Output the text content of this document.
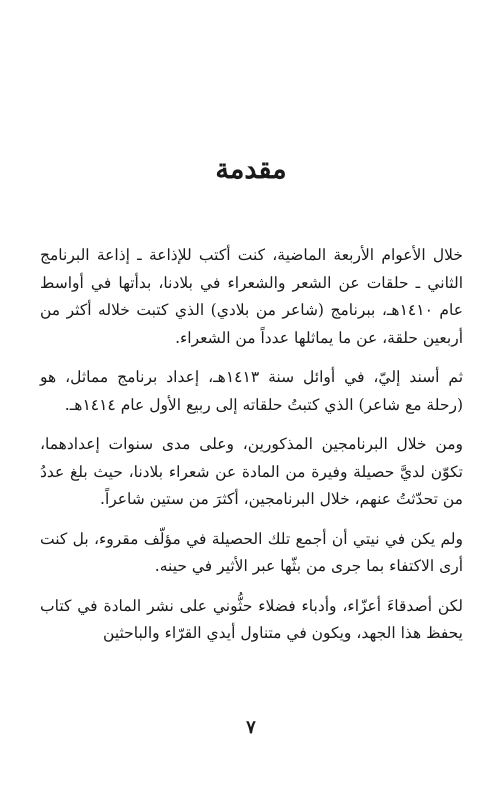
مقدمة

خلال الأعوام الأربعة الماضية، كنت أكتب للإذاعة ـ إذاعة البرنامج الثاني ـ حلقات عن الشعر والشعراء في بلادنا، بدأتها في أواسط عام ١٤١٠هـ، ببرنامج (شاعر من بلادي) الذي كتبت خلاله أكثر من أربعين حلقة، عن ما يماثلها عدداً من الشعراء.

ثم أسند إليّ، في أوائل سنة ١٤١٣هـ، إعداد برنامج مماثل، هو (رحلة مع شاعر) الذي كتبتُ حلقاته إلى ربيع الأول عام ١٤١٤هـ.

ومن خلال البرنامجين المذكورين، وعلى مدى سنوات إعدادهما، تكوّن لديَّ حصيلة وفيرة من المادة عن شعراء بلادنا، حيث بلغ عددُ من تحدّثتُ عنهم، خلال البرنامجين، أكثرَ من ستين شاعراً.

ولم يكن في نيتي أن أجمع تلك الحصيلة في مؤلّف مقروء، بل كنت أرى الاكتفاء بما جرى من بثّها عبر الأثير في حينه.

لكن أصدقاءَ أعزّاء، وأدباء فضلاء حثُّوني على نشر المادة في كتاب يحفظ هذا الجهد، ويكون في متناول أيدي القرّاء والباحثين

٧
